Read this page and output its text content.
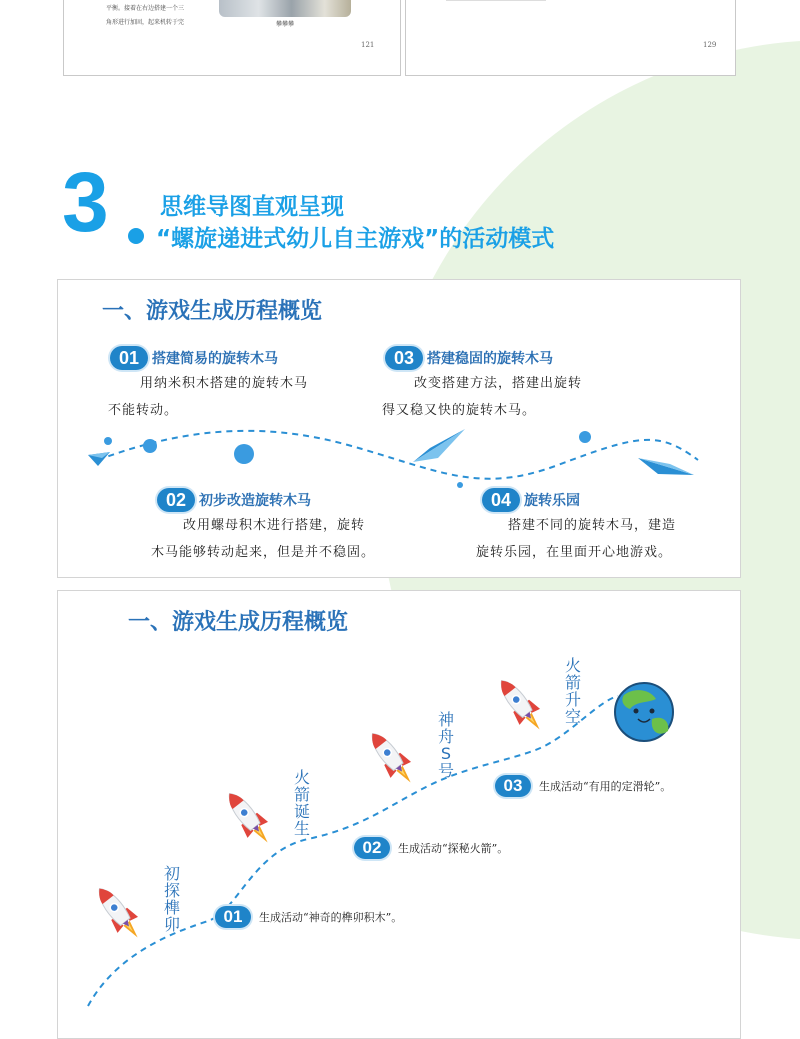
平衡。接着在右边搭建一个三
角形进行加固，起来机转于完	攀攀攀
121	129
3 思维导图直观呈现
“螺旋递进式幼儿自主游戏”的活动模式
一、游戏生成历程概览
01 搭建简易的旋转木马
用纳米积木搭建的旋转木马
不能转动。
02 初步改造旋转木马
改用螺母积木进行搭建，旋转
木马能够转动起来，但是并不稳固。
03 搭建稳固的旋转木马
改变搭建方法，搭建出旋转
得又稳又快的旋转木马。
04 旋转乐园
搭建不同的旋转木马，建造
旋转乐园，在里面开心地游戏。
一、游戏生成历程概览
初探榫卯
火箭诞生
神舟S号
火箭升空
01	生成活动“神奇的榫卯积木”。
02	生成活动“探秘火箭”。
03	生成活动“有用的定滑轮”。
